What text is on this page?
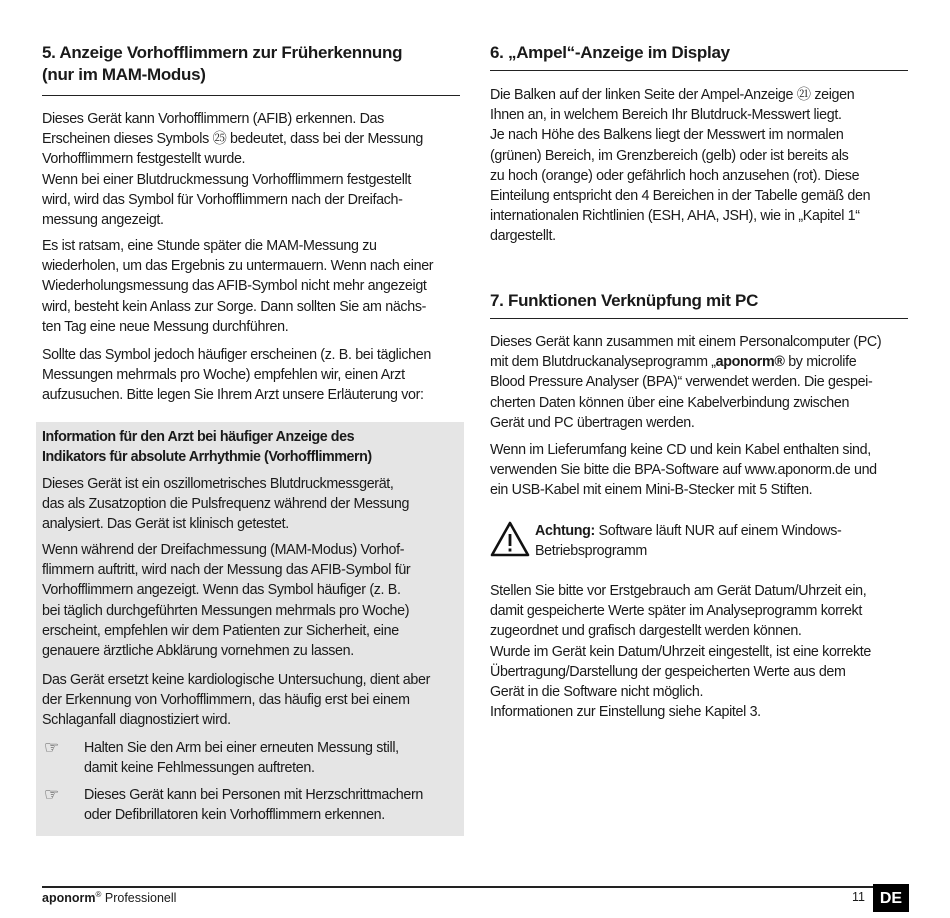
5. Anzeige Vorhofflimmern zur Früherkennung
(nur im MAM-Modus)
Dieses Gerät kann Vorhofflimmern (AFIB) erkennen. Das
Erscheinen dieses Symbols ㉕ bedeutet, dass bei der Messung
Vorhofflimmern festgestellt wurde.
Wenn bei einer Blutdruckmessung Vorhofflimmern festgestellt
wird, wird das Symbol für Vorhofflimmern nach der Dreifach-
messung angezeigt.
Es ist ratsam, eine Stunde später die MAM-Messung zu
wiederholen, um das Ergebnis zu untermauern. Wenn nach einer
Wiederholungsmessung das AFIB-Symbol nicht mehr angezeigt
wird, besteht kein Anlass zur Sorge. Dann sollten Sie am nächs-
ten Tag eine neue Messung durchführen.
Sollte das Symbol jedoch häufiger erscheinen (z. B. bei täglichen
Messungen mehrmals pro Woche) empfehlen wir, einen Arzt
aufzusuchen. Bitte legen Sie Ihrem Arzt unsere Erläuterung vor:
Information für den Arzt bei häufiger Anzeige des
Indikators für absolute Arrhythmie (Vorhofflimmern)
Dieses Gerät ist ein oszillometrisches Blutdruckmessgerät,
das als Zusatzoption die Pulsfrequenz während der Messung
analysiert. Das Gerät ist klinisch getestet.
Wenn während der Dreifachmessung (MAM-Modus) Vorhof-
flimmern auftritt, wird nach der Messung das AFIB-Symbol für
Vorhofflimmern angezeigt. Wenn das Symbol häufiger (z. B.
bei täglich durchgeführten Messungen mehrmals pro Woche)
erscheint, empfehlen wir dem Patienten zur Sicherheit, eine
genauere ärztliche Abklärung vornehmen zu lassen.
Das Gerät ersetzt keine kardiologische Untersuchung, dient aber
der Erkennung von Vorhofflimmern, das häufig erst bei einem
Schlaganfall diagnostiziert wird.
☞	Halten Sie den Arm bei einer erneuten Messung still,
damit keine Fehlmessungen auftreten.
☞	Dieses Gerät kann bei Personen mit Herzschrittmachern
oder Defibrillatoren kein Vorhofflimmern erkennen.
6. „Ampel“-Anzeige im Display
Die Balken auf der linken Seite der Ampel-Anzeige ㉑ zeigen
Ihnen an, in welchem Bereich Ihr Blutdruck-Messwert liegt.
Je nach Höhe des Balkens liegt der Messwert im normalen
(grünen) Bereich, im Grenzbereich (gelb) oder ist bereits als
zu hoch (orange) oder gefährlich hoch anzusehen (rot). Diese
Einteilung entspricht den 4 Bereichen in der Tabelle gemäß den
internationalen Richtlinien (ESH, AHA, JSH), wie in „Kapitel 1“
dargestellt.
7. Funktionen Verknüpfung mit PC
Dieses Gerät kann zusammen mit einem Personalcomputer (PC)
mit dem Blutdruckanalyseprogramm „aponorm® by microlife
Blood Pressure Analyser (BPA)“ verwendet werden. Die gespei-
cherten Daten können über eine Kabelverbindung zwischen
Gerät und PC übertragen werden.
Wenn im Lieferumfang keine CD und kein Kabel enthalten sind,
verwenden Sie bitte die BPA-Software auf www.aponorm.de und
ein USB-Kabel mit einem Mini-B-Stecker mit 5 Stiften.
Achtung: Software läuft NUR auf einem Windows-
Betriebsprogramm
Stellen Sie bitte vor Erstgebrauch am Gerät Datum/Uhrzeit ein,
damit gespeicherte Werte später im Analyseprogramm korrekt
zugeordnet und grafisch dargestellt werden können.
Wurde im Gerät kein Datum/Uhrzeit eingestellt, ist eine korrekte
Übertragung/Darstellung der gespeicherten Werte aus dem
Gerät in die Software nicht möglich.
Informationen zur Einstellung siehe Kapitel 3.
aponorm® Professionell	11 DE
